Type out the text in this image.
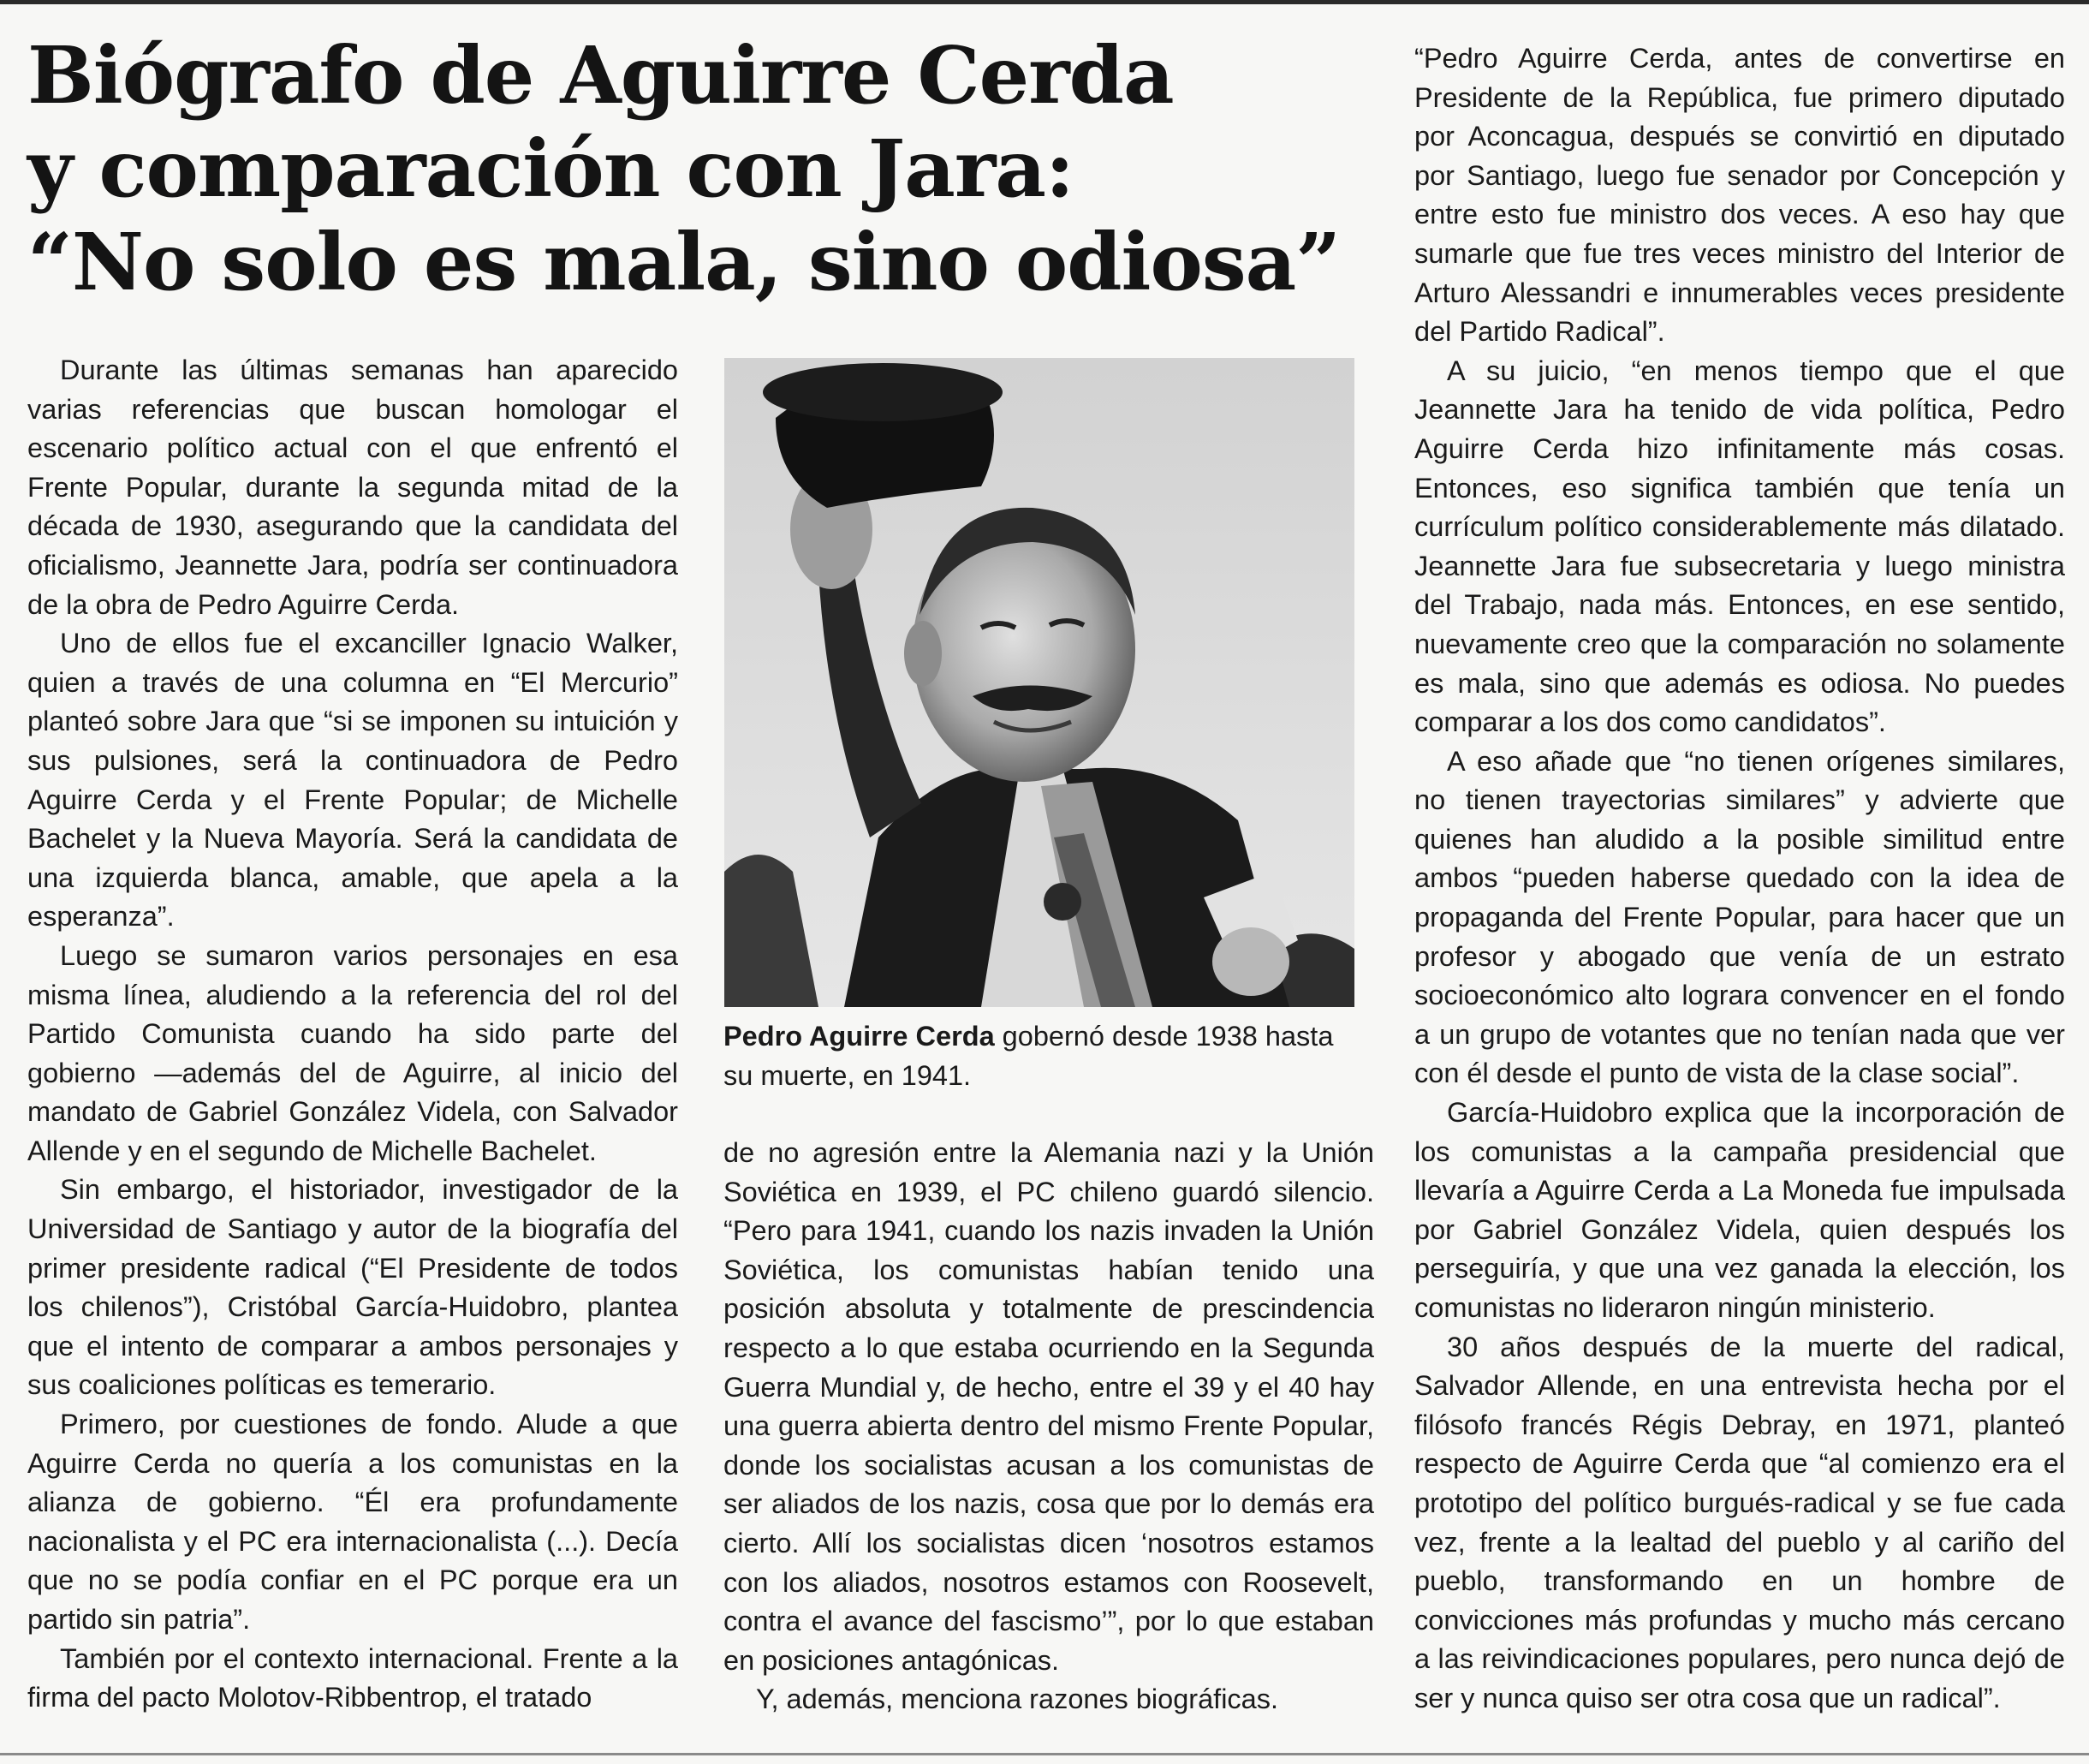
Biógrafo de Aguirre Cerda
y comparación con Jara:
“No solo es mala, sino odiosa”

Durante las últimas semanas han aparecido varias referencias que buscan homologar el escenario político actual con el que enfrentó el Frente Popular, durante la segunda mitad de la década de 1930, asegurando que la candidata del oficialismo, Jeannette Jara, podría ser continuadora de la obra de Pedro Aguirre Cerda.

Uno de ellos fue el excanciller Ignacio Walker, quien a través de una columna en “El Mercurio” planteó sobre Jara que “si se imponen su intuición y sus pulsiones, será la continuadora de Pedro Aguirre Cerda y el Frente Popular; de Michelle Bachelet y la Nueva Mayoría. Será la candidata de una izquierda blanca, amable, que apela a la esperanza”.

Luego se sumaron varios personajes en esa misma línea, aludiendo a la referencia del rol del Partido Comunista cuando ha sido parte del gobierno —además del de Aguirre, al inicio del mandato de Gabriel González Videla, con Salvador Allende y en el segundo de Michelle Bachelet.

Sin embargo, el historiador, investigador de la Universidad de Santiago y autor de la biografía del primer presidente radical (“El Presidente de todos los chilenos”), Cristóbal García-Huidobro, plantea que el intento de comparar a ambos personajes y sus coaliciones políticas es temerario.

Primero, por cuestiones de fondo. Alude a que Aguirre Cerda no quería a los comunistas en la alianza de gobierno. “Él era profundamente nacionalista y el PC era internacionalista (...). Decía que no se podía confiar en el PC porque era un partido sin patria”.

También por el contexto internacional. Frente a la firma del pacto Molotov-Ribbentrop, el tratado

Pedro Aguirre Cerda gobernó desde 1938 hasta su muerte, en 1941.

de no agresión entre la Alemania nazi y la Unión Soviética en 1939, el PC chileno guardó silencio. “Pero para 1941, cuando los nazis invaden la Unión Soviética, los comunistas habían tenido una posición absoluta y totalmente de prescindencia respecto a lo que estaba ocurriendo en la Segunda Guerra Mundial y, de hecho, entre el 39 y el 40 hay una guerra abierta dentro del mismo Frente Popular, donde los socialistas acusan a los comunistas de ser aliados de los nazis, cosa que por lo demás era cierto. Allí los socialistas dicen ‘nosotros estamos con los aliados, nosotros estamos con Roosevelt, contra el avance del fascismo’”, por lo que estaban en posiciones antagónicas.

Y, además, menciona razones biográficas.

“Pedro Aguirre Cerda, antes de convertirse en Presidente de la República, fue primero diputado por Aconcagua, después se convirtió en diputado por Santiago, luego fue senador por Concepción y entre esto fue ministro dos veces. A eso hay que sumarle que fue tres veces ministro del Interior de Arturo Alessandri e innumerables veces presidente del Partido Radical”.

A su juicio, “en menos tiempo que el que Jeannette Jara ha tenido de vida política, Pedro Aguirre Cerda hizo infinitamente más cosas. Entonces, eso significa también que tenía un currículum político considerablemente más dilatado. Jeannette Jara fue subsecretaria y luego ministra del Trabajo, nada más. Entonces, en ese sentido, nuevamente creo que la comparación no solamente es mala, sino que además es odiosa. No puedes comparar a los dos como candidatos”.

A eso añade que “no tienen orígenes similares, no tienen trayectorias similares” y advierte que quienes han aludido a la posible similitud entre ambos “pueden haberse quedado con la idea de propaganda del Frente Popular, para hacer que un profesor y abogado que venía de un estrato socioeconómico alto lograra convencer en el fondo a un grupo de votantes que no tenían nada que ver con él desde el punto de vista de la clase social”.

García-Huidobro explica que la incorporación de los comunistas a la campaña presidencial que llevaría a Aguirre Cerda a La Moneda fue impulsada por Gabriel González Videla, quien después los perseguiría, y que una vez ganada la elección, los comunistas no lideraron ningún ministerio.

30 años después de la muerte del radical, Salvador Allende, en una entrevista hecha por el filósofo francés Régis Debray, en 1971, planteó respecto de Aguirre Cerda que “al comienzo era el prototipo del político burgués-radical y se fue cada vez, frente a la lealtad del pueblo y al cariño del pueblo, transformando en un hombre de convicciones más profundas y mucho más cercano a las reivindicaciones populares, pero nunca dejó de ser y nunca quiso ser otra cosa que un radical”.
